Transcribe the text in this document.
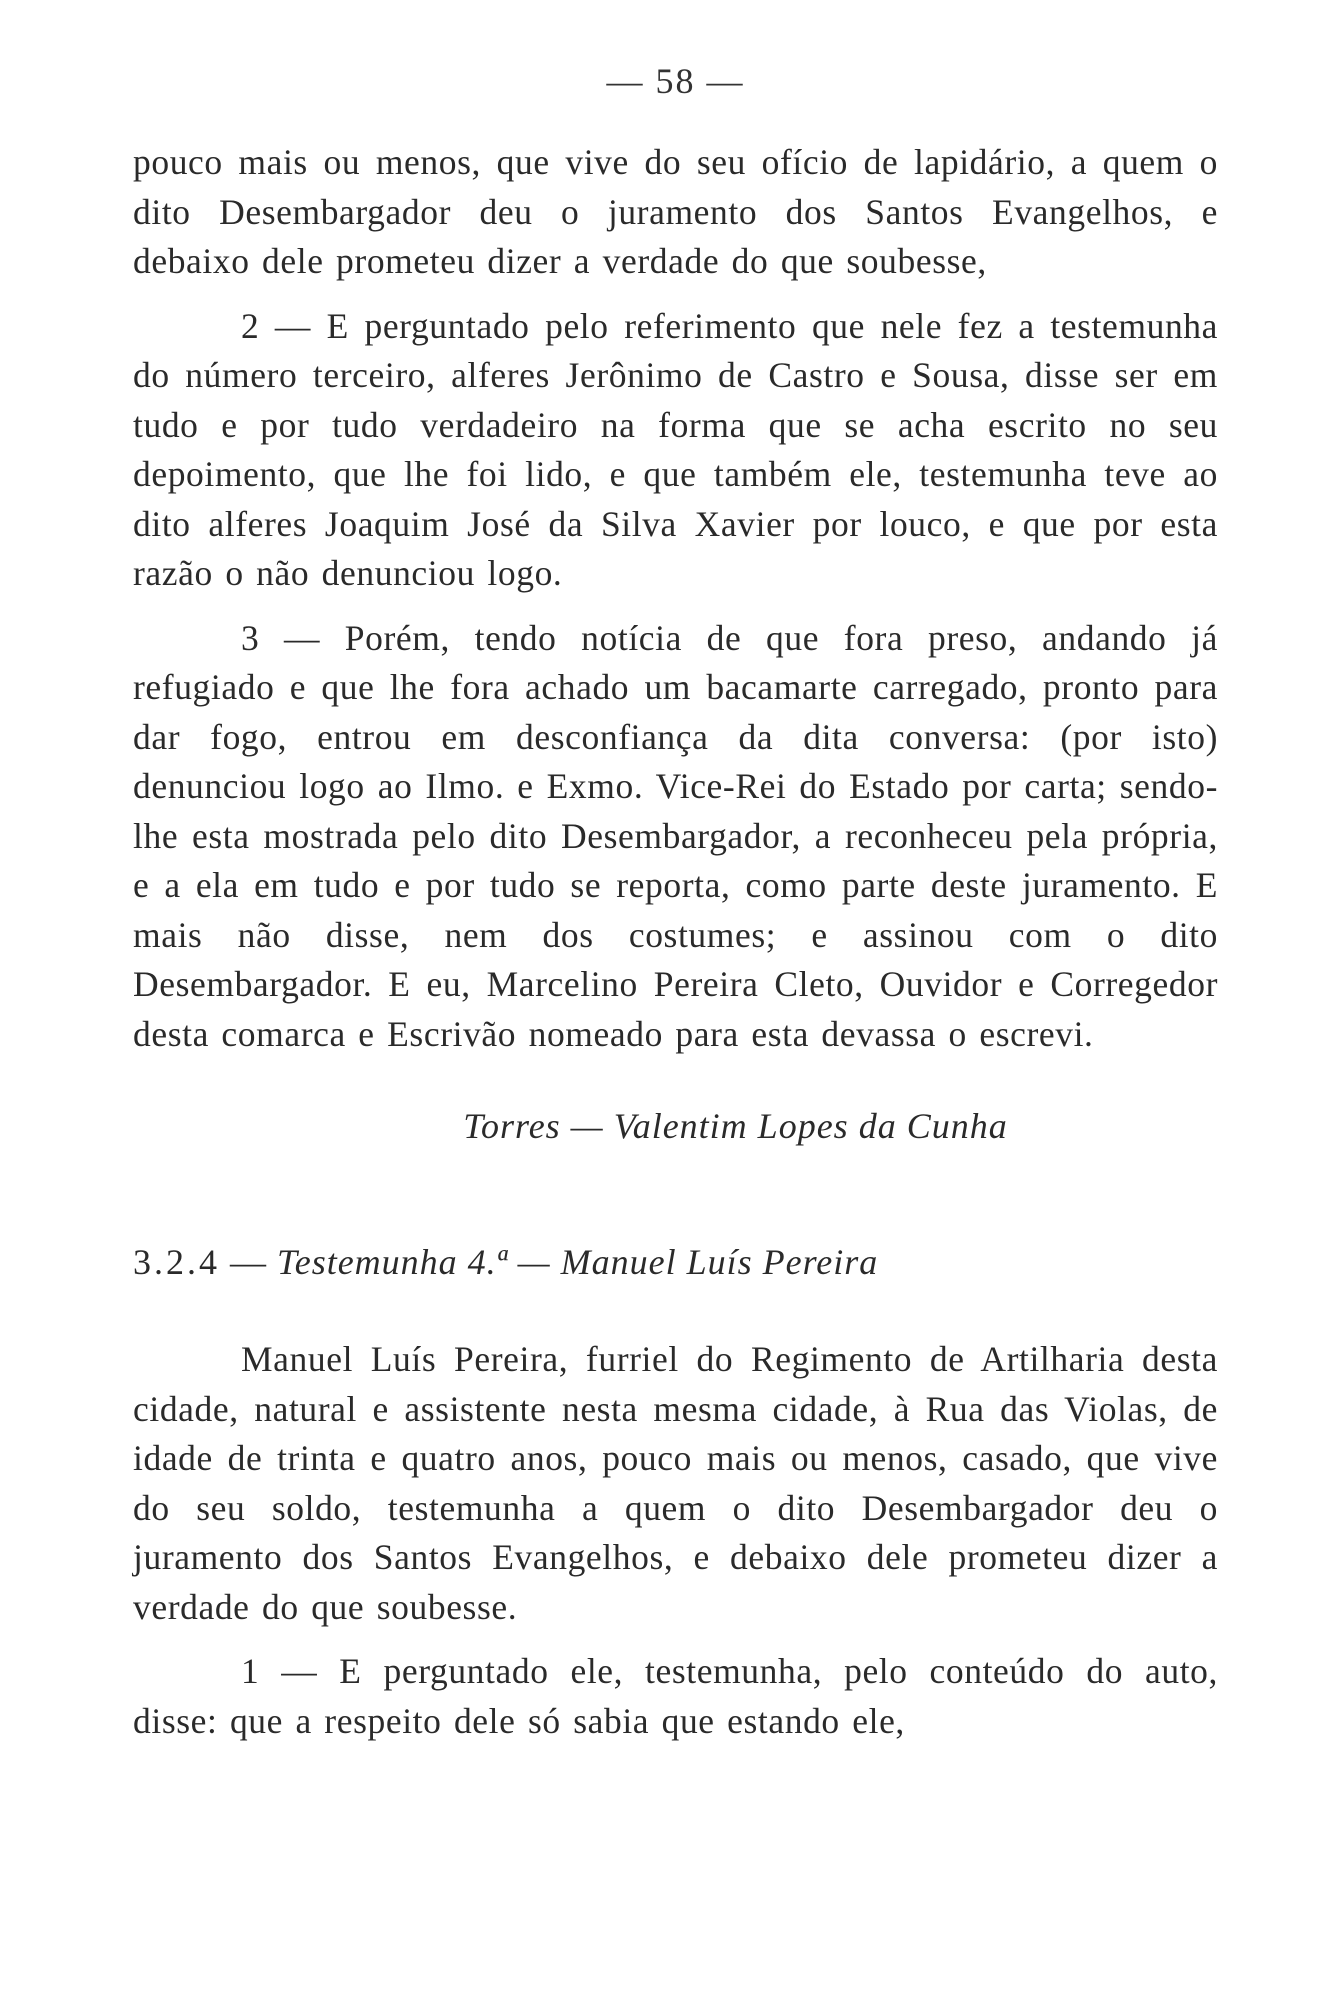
— 58 —

pouco mais ou menos, que vive do seu ofício de lapidário, a quem o dito Desembargador deu o juramento dos Santos Evangelhos, e debaixo dele prometeu dizer a verdade do que soubesse,

2 — E perguntado pelo referimento que nele fez a testemunha do número terceiro, alferes Jerônimo de Castro e Sousa, disse ser em tudo e por tudo verdadeiro na forma que se acha escrito no seu depoimento, que lhe foi lido, e que também ele, testemunha teve ao dito alferes Joaquim José da Silva Xavier por louco, e que por esta razão o não denunciou logo.

3 — Porém, tendo notícia de que fora preso, andando já refugiado e que lhe fora achado um bacamarte carregado, pronto para dar fogo, entrou em desconfiança da dita conversa: (por isto) denunciou logo ao Ilmo. e Exmo. Vice-Rei do Estado por carta; sendo-lhe esta mostrada pelo dito Desembargador, a reconheceu pela própria, e a ela em tudo e por tudo se reporta, como parte deste juramento. E mais não disse, nem dos costumes; e assinou com o dito Desembargador. E eu, Marcelino Pereira Cleto, Ouvidor e Corregedor desta comarca e Escrivão nomeado para esta devassa o escrevi.

Torres — Valentim Lopes da Cunha
3.2.4 — Testemunha 4.ª — Manuel Luís Pereira

Manuel Luís Pereira, furriel do Regimento de Artilharia desta cidade, natural e assistente nesta mesma cidade, à Rua das Violas, de idade de trinta e quatro anos, pouco mais ou menos, casado, que vive do seu soldo, testemunha a quem o dito Desembargador deu o juramento dos Santos Evangelhos, e debaixo dele prometeu dizer a verdade do que soubesse.

1 — E perguntado ele, testemunha, pelo conteúdo do auto, disse: que a respeito dele só sabia que estando ele,
